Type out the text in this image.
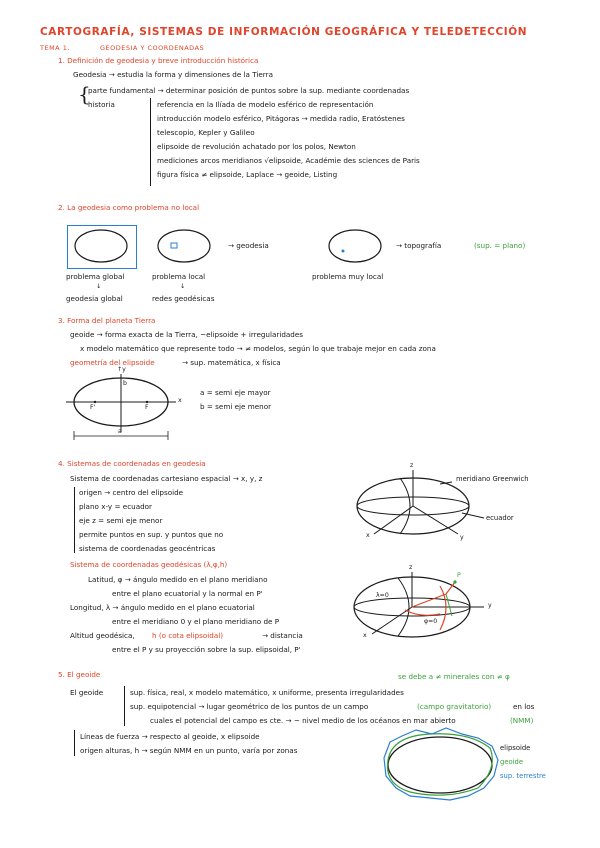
CARTOGRAFÍA, SISTEMAS DE INFORMACIÓN GEOGRÁFICA Y TELEDETECCIÓN
TEMA 1.	GEODESIA Y COORDENADAS
1. Definición de geodesia y breve introducción histórica
Geodesia → estudia la forma y dimensiones de la Tierra
{
parte fundamental → determinar posición de puntos sobre la sup. mediante coordenadas
historia	referencia en la Ilíada de modelo esférico de representación
introducción modelo esférico, Pitágoras → medida radio, Eratóstenes
telescopio, Kepler y Galileo
elipsoide de revolución achatado por los polos, Newton
mediciones arcos meridianos √elipsoide, Académie des sciences de Paris
figura física ≠ elipsoide, Laplace → geoide, Listing
2. La geodesia como problema no local
→ geodesia	→ topografía	(sup. = plano)
problema global
↓
geodesia global
problema local
↓
redes geodésicas
problema muy local
3. Forma del planeta Tierra
geoide → forma exacta de la Tierra, ~elipsoide + irregularidades
x modelo matemático que represente todo → ≠ modelos, según lo que trabaje mejor en cada zona
geometría del elipsoide	→ sup. matemática, x física
↑y
x
b
a
F'	F
a = semi eje mayor
b = semi eje menor
4. Sistemas de coordenadas en geodesia
Sistema de coordenadas cartesiano espacial → x, y, z
origen → centro del elipsoide
plano x-y = ecuador
eje z = semi eje menor
permite puntos en sup. y puntos que no
sistema de coordenadas geocéntricas
z
x	y
meridiano Greenwich
ecuador
Sistema de coordenadas geodésicas (λ,φ,h)
Latitud, φ → ángulo medido en el plano meridiano
entre el plano ecuatorial y la normal en P'
Longitud, λ → ángulo medido en el plano ecuatorial
entre el meridiano 0 y el plano meridiano de P
Altitud geodésica, h (o cota elipsoidal)	→ distancia
entre el P y su proyección sobre la sup. elipsoidal, P'
z
x
y
P
λ=0
φ=0
5. El geoide	se debe a ≠ minerales con ≠ φ
El geoide	sup. física, real, x modelo matemático, x uniforme, presenta irregularidades
sup. equipotencial → lugar geométrico de los puntos de un campo	(campo gravitatorio)	en los
cuales el potencial del campo es cte. → ~ nivel medio de los océanos en mar abierto	(NMM)
Líneas de fuerza → respecto al geoide, x elipsoide
origen alturas, h → según NMM en un punto, varía por zonas	elipsoide
geoide
sup. terrestre
